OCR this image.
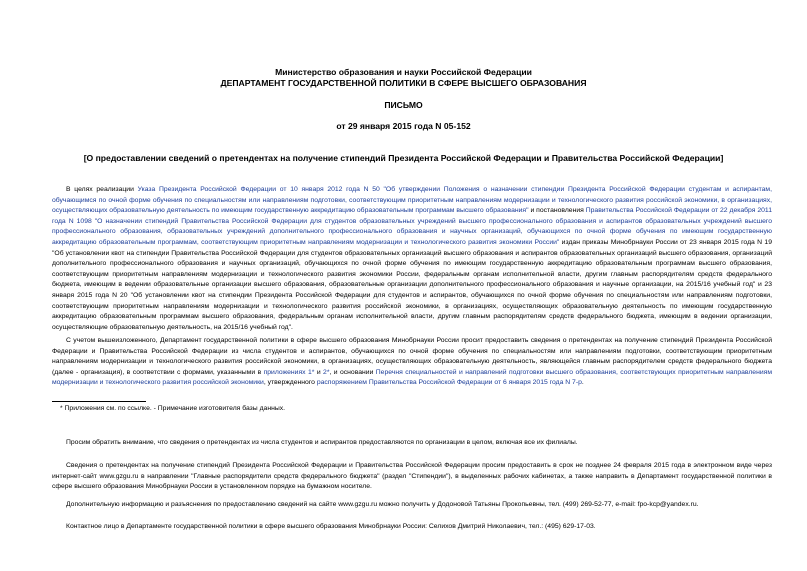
Министерство образования и науки Российской Федерации
ДЕПАРТАМЕНТ ГОСУДАРСТВЕННОЙ ПОЛИТИКИ В СФЕРЕ ВЫСШЕГО ОБРАЗОВАНИЯ
ПИСЬМО
от 29 января 2015 года N 05-152
[О предоставлении сведений о претендентах на получение стипендий Президента Российской Федерации и Правительства Российской Федерации]
В целях реализации Указа Президента Российской Федерации от 10 января 2012 года N 50 "Об утверждении Положения о назначении стипендии Президента Российской Федерации студентам и аспирантам, обучающимся по очной форме обучения по специальностям или направлениям подготовки, соответствующим приоритетным направлениям модернизации и технологического развития российской экономики, в организациях, осуществляющих образовательную деятельность по имеющим государственную аккредитацию образовательным программам высшего образования" и постановления Правительства Российской Федерации от 22 декабря 2011 года N 1098 "О назначении стипендий Правительства Российской Федерации для студентов образовательных учреждений высшего профессионального образования и аспирантов образовательных учреждений высшего профессионального образования, образовательных учреждений дополнительного профессионального образования и научных организаций, обучающихся по очной форме обучения по имеющим государственную аккредитацию образовательным программам, соответствующим приоритетным направлениям модернизации и технологического развития экономики России" издан приказы Минобрнауки России от 23 января 2015 года N 19 "Об установлении квот на стипендии Правительства Российской Федерации для студентов образовательных организаций высшего образования и аспирантов образовательных организаций высшего образования, организаций дополнительного профессионального образования и научных организаций, обучающихся по очной форме обучения по имеющим государственную аккредитацию образовательным программам высшего образования, соответствующим приоритетным направлениям модернизации и технологического развития экономики России, федеральным органам исполнительной власти, другим главным распорядителям средств федерального бюджета, имеющим в ведении образовательные организации высшего образования, образовательные организации дополнительного профессионального образования и научные организации, на 2015/16 учебный год" и 23 января 2015 года N 20 "Об установлении квот на стипендии Президента Российской Федерации для студентов и аспирантов, обучающихся по очной форме обучения по специальностям или направлениям подготовки, соответствующим приоритетным направлениям модернизации и технологического развития российской экономики, в организациях, осуществляющих образовательную деятельность по имеющим государственную аккредитацию образовательным программам высшего образования, федеральным органам исполнительной власти, другим главным распорядителям средств федерального бюджета, имеющим в ведении организации, осуществляющие образовательную деятельность, на 2015/16 учебный год".
С учетом вышеизложенного, Департамент государственной политики в сфере высшего образования Минобрнауки России просит предоставить сведения о претендентах на получение стипендий Президента Российской Федерации и Правительства Российской Федерации из числа студентов и аспирантов, обучающихся по очной форме обучения по специальностям или направлениям подготовки, соответствующим приоритетным направлениям модернизации и технологического развития российской экономики, в организациях, осуществляющих образовательную деятельность, являющейся главным распорядителем средств федерального бюджета (далее - организация), в соответствии с формами, указанными в приложениях 1* и 2*, и основании Перечня специальностей и направлений подготовки высшего образования, соответствующих приоритетным направлениям модернизации и технологического развития российской экономики, утвержденного распоряжением Правительства Российской Федерации от 6 января 2015 года N 7-р.
* Приложения см. по ссылке. - Примечание изготовителя базы данных.
Просим обратить внимание, что сведения о претендентах из числа студентов и аспирантов предоставляются по организации в целом, включая все их филиалы.
Сведения о претендентах на получение стипендий Президента Российской Федерации и Правительства Российской Федерации просим предоставить в срок не позднее 24 февраля 2015 года в электронном виде через интернет-сайт www.gzgu.ru в направлении "Главные распорядители средств федерального бюджета" (раздел "Стипендии"), в выделенных рабочих кабинетах, а также направить в Департамент государственной политики в сфере высшего образования Минобрнауки России в установленном порядке на бумажном носителе.
Дополнительную информацию и разъяснения по предоставлению сведений на сайте www.gzgu.ru можно получить у Додоновой Татьяны Прокопьевны, тел. (499) 269-52-77, e-mail: fpo-kcp@yandex.ru.
Контактное лицо в Департаменте государственной политики в сфере высшего образования Минобрнауки России: Селихов Дмитрий Николаевич, тел.: (495) 629-17-03.
